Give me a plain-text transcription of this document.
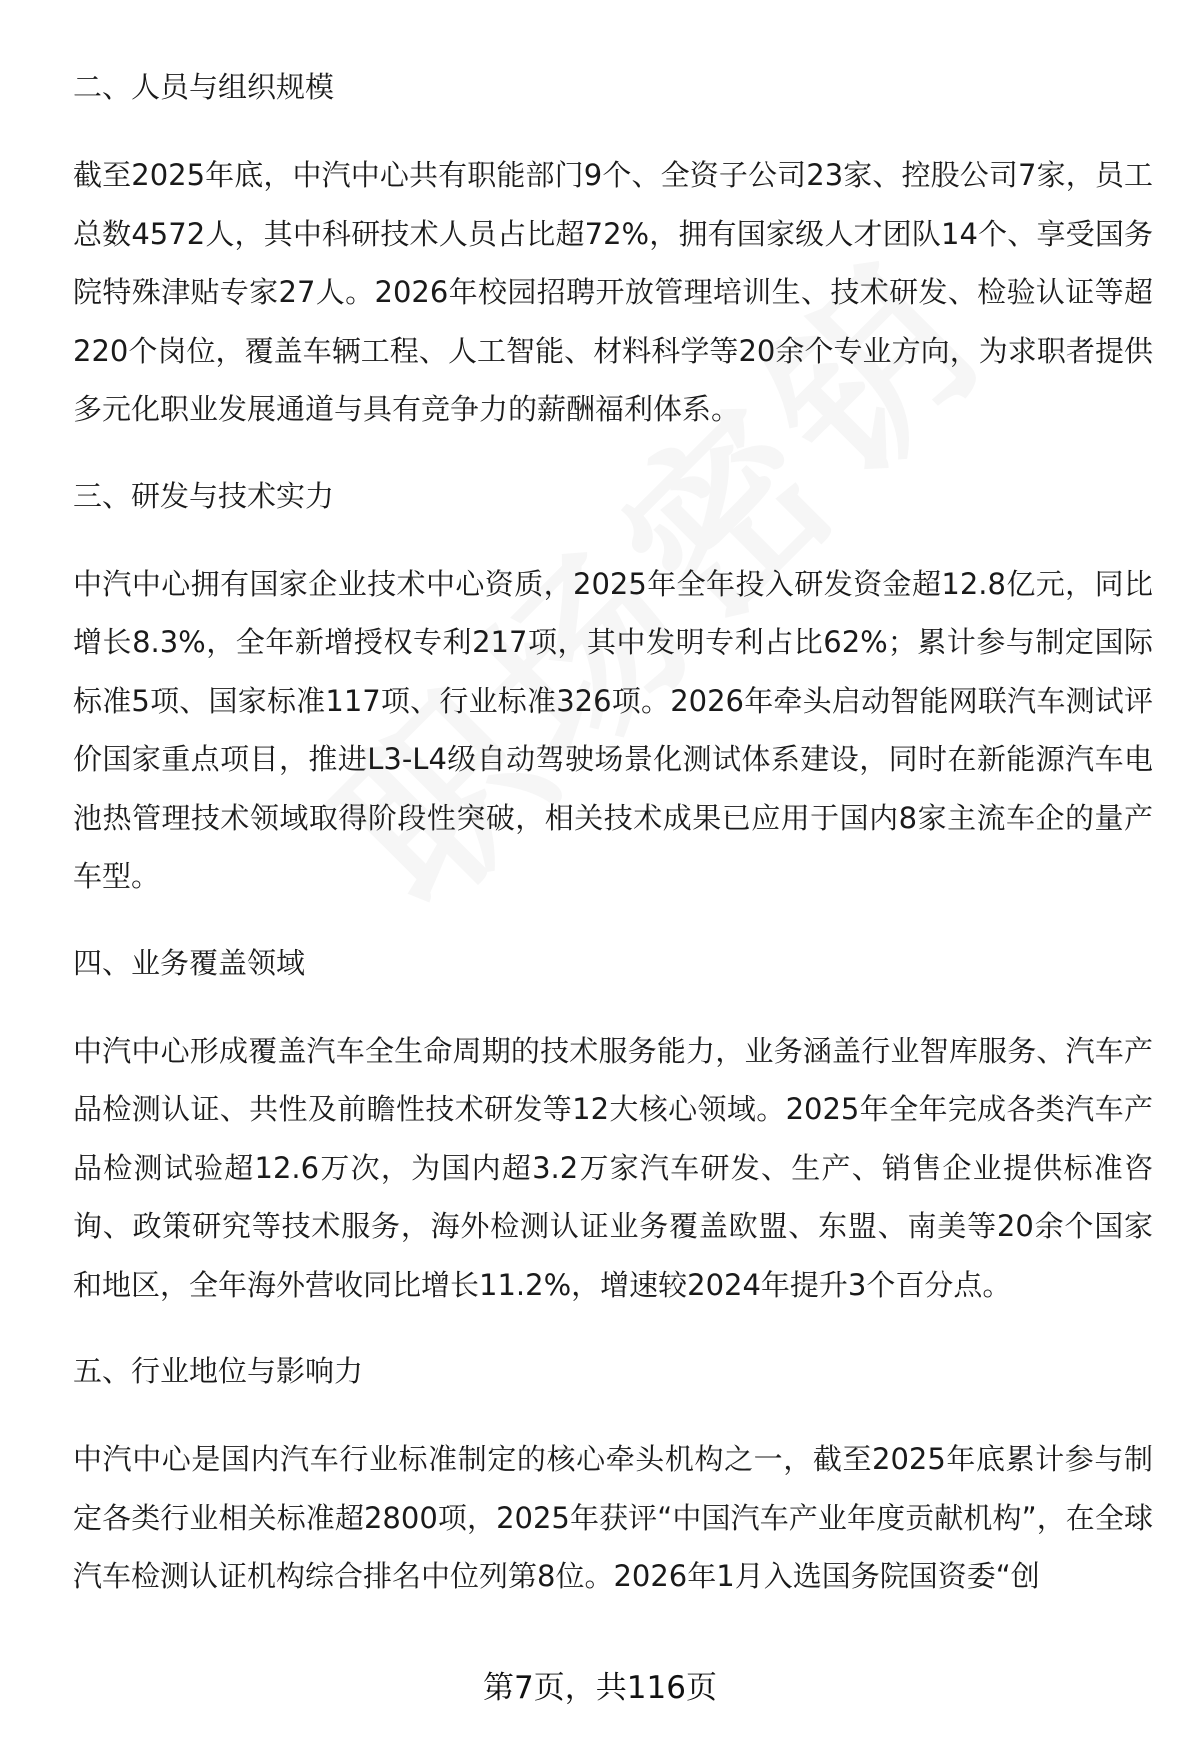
二、人员与组织规模

截至2025年底，中汽中心共有职能部门9个、全资子公司23家、控股公司7家，员工总数4572人，其中科研技术人员占比超72%，拥有国家级人才团队14个、享受国务院特殊津贴专家27人。2026年校园招聘开放管理培训生、技术研发、检验认证等超220个岗位，覆盖车辆工程、人工智能、材料科学等20余个专业方向，为求职者提供多元化职业发展通道与具有竞争力的薪酬福利体系。

三、研发与技术实力

中汽中心拥有国家企业技术中心资质，2025年全年投入研发资金超12.8亿元，同比增长8.3%，全年新增授权专利217项，其中发明专利占比62%；累计参与制定国际标准5项、国家标准117项、行业标准326项。2026年牵头启动智能网联汽车测试评价国家重点项目，推进L3-L4级自动驾驶场景化测试体系建设，同时在新能源汽车电池热管理技术领域取得阶段性突破，相关技术成果已应用于国内8家主流车企的量产车型。

四、业务覆盖领域

中汽中心形成覆盖汽车全生命周期的技术服务能力，业务涵盖行业智库服务、汽车产品检测认证、共性及前瞻性技术研发等12大核心领域。2025年全年完成各类汽车产品检测试验超12.6万次，为国内超3.2万家汽车研发、生产、销售企业提供标准咨询、政策研究等技术服务，海外检测认证业务覆盖欧盟、东盟、南美等20余个国家和地区，全年海外营收同比增长11.2%，增速较2024年提升3个百分点。

五、行业地位与影响力

中汽中心是国内汽车行业标准制定的核心牵头机构之一，截至2025年底累计参与制定各类行业相关标准超2800项，2025年获评“中国汽车产业年度贡献机构”，在全球汽车检测认证机构综合排名中位列第8位。2026年1月入选国务院国资委“创

第7页，共116页
